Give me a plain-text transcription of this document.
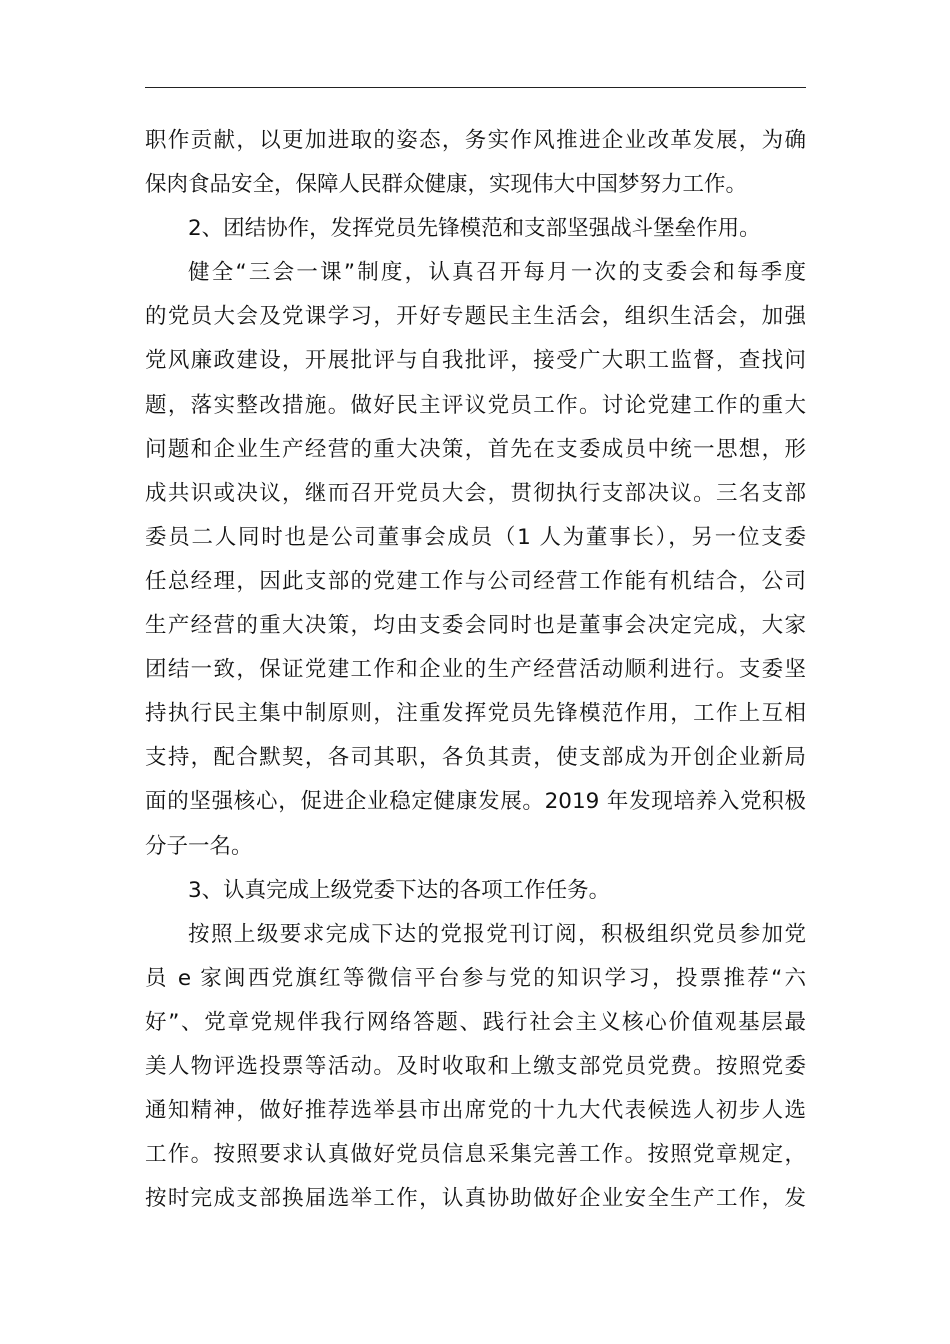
职作贡献，以更加进取的姿态，务实作风推进企业改革发展，为确
保肉食品安全，保障人民群众健康，实现伟大中国梦努力工作。
2、团结协作，发挥党员先锋模范和支部坚强战斗堡垒作用。
健全“三会一课”制度，认真召开每月一次的支委会和每季度
的党员大会及党课学习，开好专题民主生活会，组织生活会，加强
党风廉政建设，开展批评与自我批评，接受广大职工监督，查找问
题，落实整改措施。做好民主评议党员工作。讨论党建工作的重大
问题和企业生产经营的重大决策，首先在支委成员中统一思想，形
成共识或决议，继而召开党员大会，贯彻执行支部决议。三名支部
委员二人同时也是公司董事会成员（1 人为董事长），另一位支委
任总经理，因此支部的党建工作与公司经营工作能有机结合，公司
生产经营的重大决策，均由支委会同时也是董事会决定完成，大家
团结一致，保证党建工作和企业的生产经营活动顺利进行。支委坚
持执行民主集中制原则，注重发挥党员先锋模范作用，工作上互相
支持，配合默契，各司其职，各负其责，使支部成为开创企业新局
面的坚强核心，促进企业稳定健康发展。2019 年发现培养入党积极
分子一名。
3、认真完成上级党委下达的各项工作任务。
按照上级要求完成下达的党报党刊订阅，积极组织党员参加党
员 e 家闽西党旗红等微信平台参与党的知识学习，投票推荐“六
好”、党章党规伴我行网络答题、践行社会主义核心价值观基层最
美人物评选投票等活动。及时收取和上缴支部党员党费。按照党委
通知精神，做好推荐选举县市出席党的十九大代表候选人初步人选
工作。按照要求认真做好党员信息采集完善工作。按照党章规定，
按时完成支部换届选举工作，认真协助做好企业安全生产工作，发
